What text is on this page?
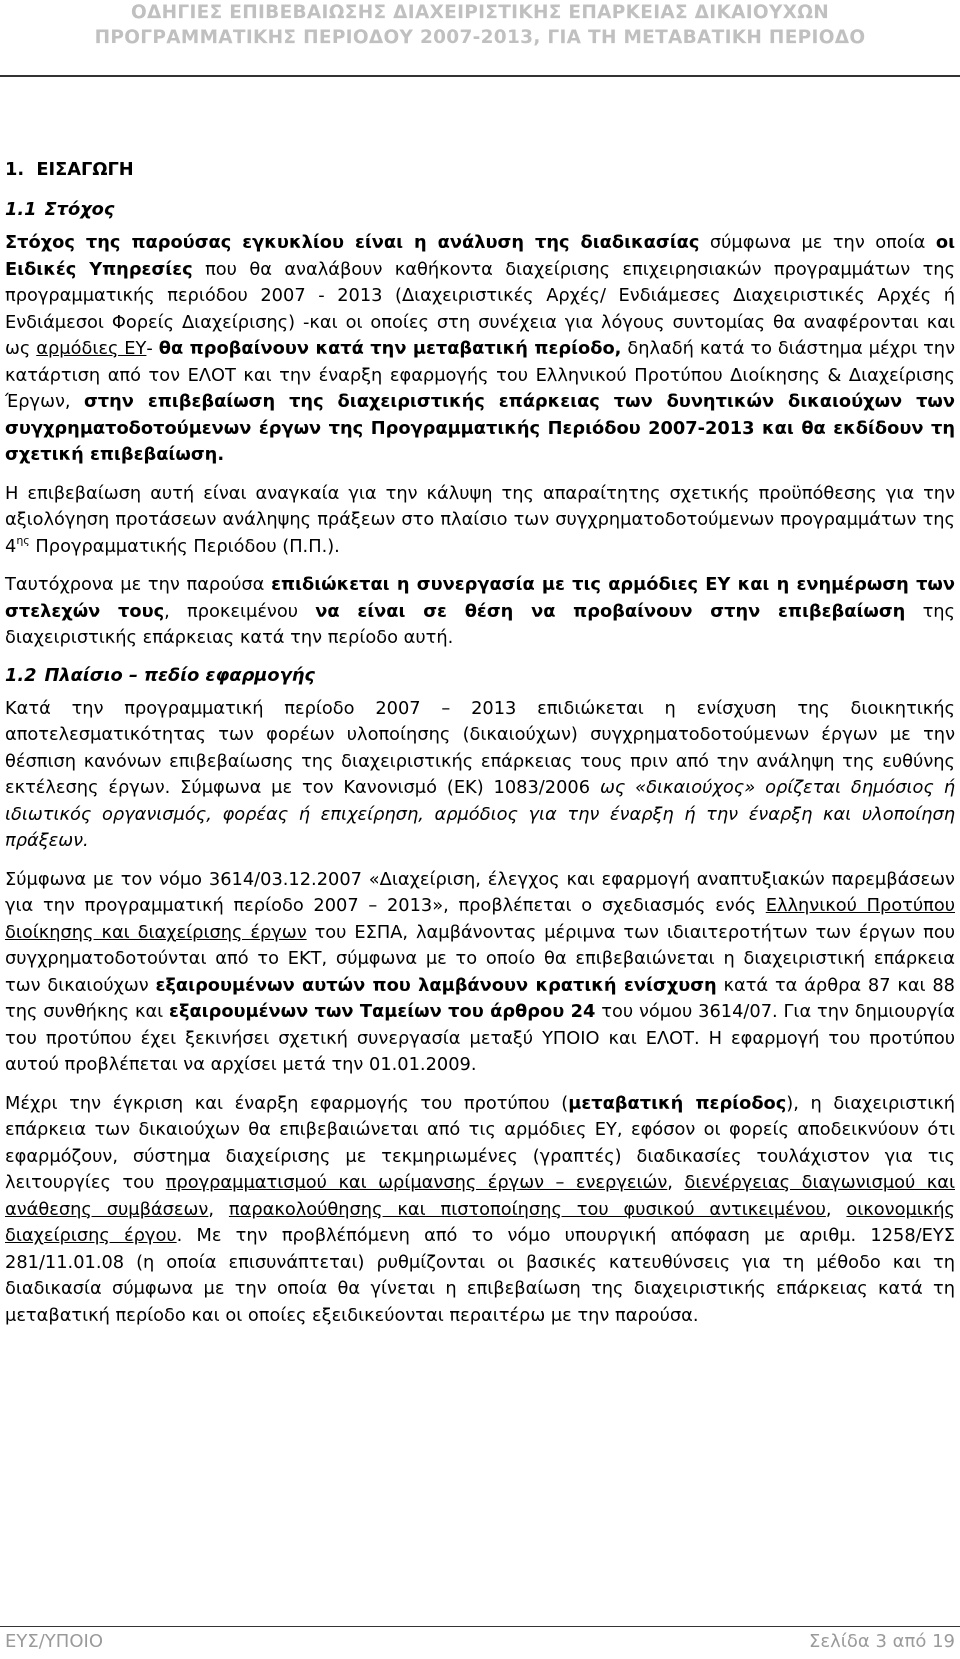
ΟΔΗΓΙΕΣ ΕΠΙΒΕΒΑΙΩΣΗΣ ΔΙΑΧΕΙΡΙΣΤΙΚΗΣ ΕΠΑΡΚΕΙΑΣ ΔΙΚΑΙΟΥΧΩΝ
ΠΡΟΓΡΑΜΜΑΤΙΚΗΣ ΠΕΡΙΟΔΟΥ 2007-2013, ΓΙΑ ΤΗ ΜΕΤΑΒΑΤΙΚΗ ΠΕΡΙΟΔΟ
1. ΕΙΣΑΓΩΓΗ
1.1 Στόχος

Στόχος της παρούσας εγκυκλίου είναι η ανάλυση της διαδικασίας σύμφωνα με την οποία οι Ειδικές Υπηρεσίες που θα αναλάβουν καθήκοντα διαχείρισης επιχειρησιακών προγραμμάτων της προγραμματικής περιόδου 2007 - 2013 (Διαχειριστικές Αρχές/ Ενδιάμεσες Διαχειριστικές Αρχές ή Ενδιάμεσοι Φορείς Διαχείρισης) -και οι οποίες στη συνέχεια για λόγους συντομίας θα αναφέρονται και ως αρμόδιες ΕΥ- θα προβαίνουν κατά την μεταβατική περίοδο, δηλαδή κατά το διάστημα μέχρι την κατάρτιση από τον ΕΛΟΤ και την έναρξη εφαρμογής του Ελληνικού Προτύπου Διοίκησης & Διαχείρισης Έργων, στην επιβεβαίωση της διαχειριστικής επάρκειας των δυνητικών δικαιούχων των συγχρηματοδοτούμενων έργων της Προγραμματικής Περιόδου 2007-2013 και θα εκδίδουν τη σχετική επιβεβαίωση.

Η επιβεβαίωση αυτή είναι αναγκαία για την κάλυψη της απαραίτητης σχετικής προϋπόθεσης για την αξιολόγηση προτάσεων ανάληψης πράξεων στο πλαίσιο των συγχρηματοδοτούμενων προγραμμάτων της $4^{\eta\varsigma}$ Προγραμματικής Περιόδου (Π.Π.).

Ταυτόχρονα με την παρούσα επιδιώκεται η συνεργασία με τις αρμόδιες ΕΥ και η ενημέρωση των στελεχών τους, προκειμένου να είναι σε θέση να προβαίνουν στην επιβεβαίωση της διαχειριστικής επάρκειας κατά την περίοδο αυτή.

1.2 Πλαίσιο – πεδίο εφαρμογής

Κατά την προγραμματική περίοδο 2007 – 2013 επιδιώκεται η ενίσχυση της διοικητικής αποτελεσματικότητας των φορέων υλοποίησης (δικαιούχων) συγχρηματοδοτούμενων έργων με την θέσπιση κανόνων επιβεβαίωσης της διαχειριστικής επάρκειας τους πριν από την ανάληψη της ευθύνης εκτέλεσης έργων. Σύμφωνα με τον Κανονισμό (ΕΚ) 1083/2006 ως «δικαιούχος» ορίζεται δημόσιος ή ιδιωτικός οργανισμός, φορέας ή επιχείρηση, αρμόδιος για την έναρξη ή την έναρξη και υλοποίηση πράξεων.

Σύμφωνα με τον νόμο 3614/03.12.2007 «Διαχείριση, έλεγχος και εφαρμογή αναπτυξιακών παρεμβάσεων για την προγραμματική περίοδο 2007 – 2013», προβλέπεται ο σχεδιασμός ενός Ελληνικού Προτύπου διοίκησης και διαχείρισης έργων του ΕΣΠΑ, λαμβάνοντας μέριμνα των ιδιαιτεροτήτων των έργων που συγχρηματοδοτούνται από το ΕΚΤ, σύμφωνα με το οποίο θα επιβεβαιώνεται η διαχειριστική επάρκεια των δικαιούχων εξαιρουμένων αυτών που λαμβάνουν κρατική ενίσχυση κατά τα άρθρα 87 και 88 της συνθήκης και εξαιρουμένων των Ταμείων του άρθρου 24 του νόμου 3614/07. Για την δημιουργία του προτύπου έχει ξεκινήσει σχετική συνεργασία μεταξύ ΥΠΟΙΟ και ΕΛΟΤ. Η εφαρμογή του προτύπου αυτού προβλέπεται να αρχίσει μετά την 01.01.2009.

Μέχρι την έγκριση και έναρξη εφαρμογής του προτύπου (μεταβατική περίοδος), η διαχειριστική επάρκεια των δικαιούχων θα επιβεβαιώνεται από τις αρμόδιες ΕΥ, εφόσον οι φορείς αποδεικνύουν ότι εφαρμόζουν, σύστημα διαχείρισης με τεκμηριωμένες (γραπτές) διαδικασίες τουλάχιστον για τις λειτουργίες του προγραμματισμού και ωρίμανσης έργων – ενεργειών, διενέργειας διαγωνισμού και ανάθεσης συμβάσεων, παρακολούθησης και πιστοποίησης του φυσικού αντικειμένου, οικονομικής διαχείρισης έργου. Με την προβλέπόμενη από το νόμο υπουργική απόφαση με αριθμ. 1258/ΕΥΣ 281/11.01.08 (η οποία επισυνάπτεται) ρυθμίζονται οι βασικές κατευθύνσεις για τη μέθοδο και τη διαδικασία σύμφωνα με την οποία θα γίνεται η επιβεβαίωση της διαχειριστικής επάρκειας κατά τη μεταβατική περίοδο και οι οποίες εξειδικεύονται περαιτέρω με την παρούσα.

ΕΥΣ/ΥΠΟΙΟ	Σελίδα 3 από 19
